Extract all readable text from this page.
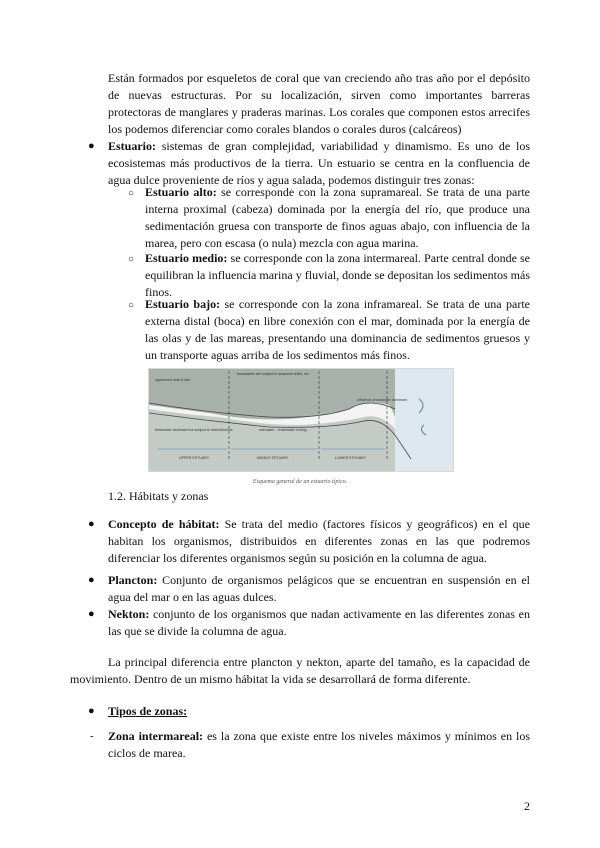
Están formados por esqueletos de coral que van creciendo año tras año por el depósito de nuevas estructuras. Por su localización, sirven como importantes barreras protectoras de manglares y praderas marinas. Los corales que componen estos arrecifes los podemos diferenciar como corales blandos o corales duros (calcáreos)
● Estuario: sistemas de gran complejidad, variabilidad y dinamismo. Es uno de los ecosistemas más productivos de la tierra. Un estuario se centra en la confluencia de agua dulce proveniente de ríos y agua salada, podemos distinguir tres zonas:
○ Estuario alto: se corresponde con la zona supramareal. Se trata de una parte interna proximal (cabeza) dominada por la energía del río, que produce una sedimentación gruesa con transporte de finos aguas abajo, con influencia de la marea, pero con escasa (o nula) mezcla con agua marina.
○ Estuario medio: se corresponde con la zona intermareal. Parte central donde se equilibran la influencia marina y fluvial, donde se depositan los sedimentos más finos.
○ Estuario bajo: se corresponde con la zona inframareal. Se trata de una parte externa distal (boca) en libre conexión con el mar, dominada por la energía de las olas y de las mareas, presentando una dominancia de sedimentos gruesos y un transporte aguas arriba de los sedimentos más finos.
uppermost limit of tide
boundaries are subject to seasonal shifts, etc.
freshwater dominant but subject to tidal influence	salt water – freshwater mixing
influence of seawater dominant
UPPER ESTUARY	MIDDLE ESTUARY	LOWER ESTUARY
Esquema general de un estuario típico.
1.2. Hábitats y zonas
● Concepto de hábitat: Se trata del medio (factores físicos y geográficos) en el que habitan los organismos, distribuidos en diferentes zonas en las que podremos diferenciar los diferentes organismos según su posición en la columna de agua.
● Plancton: Conjunto de organismos pelágicos que se encuentran en suspensión en el agua del mar o en las aguas dulces.
● Nekton: conjunto de los organismos que nadan activamente en las diferentes zonas en las que se divide la columna de agua.
La principal diferencia entre plancton y nekton, aparte del tamaño, es la capacidad de movimiento. Dentro de un mismo hábitat la vida se desarrollará de forma diferente.
● Tipos de zonas:
- Zona intermareal: es la zona que existe entre los niveles máximos y mínimos en los ciclos de marea.
2
